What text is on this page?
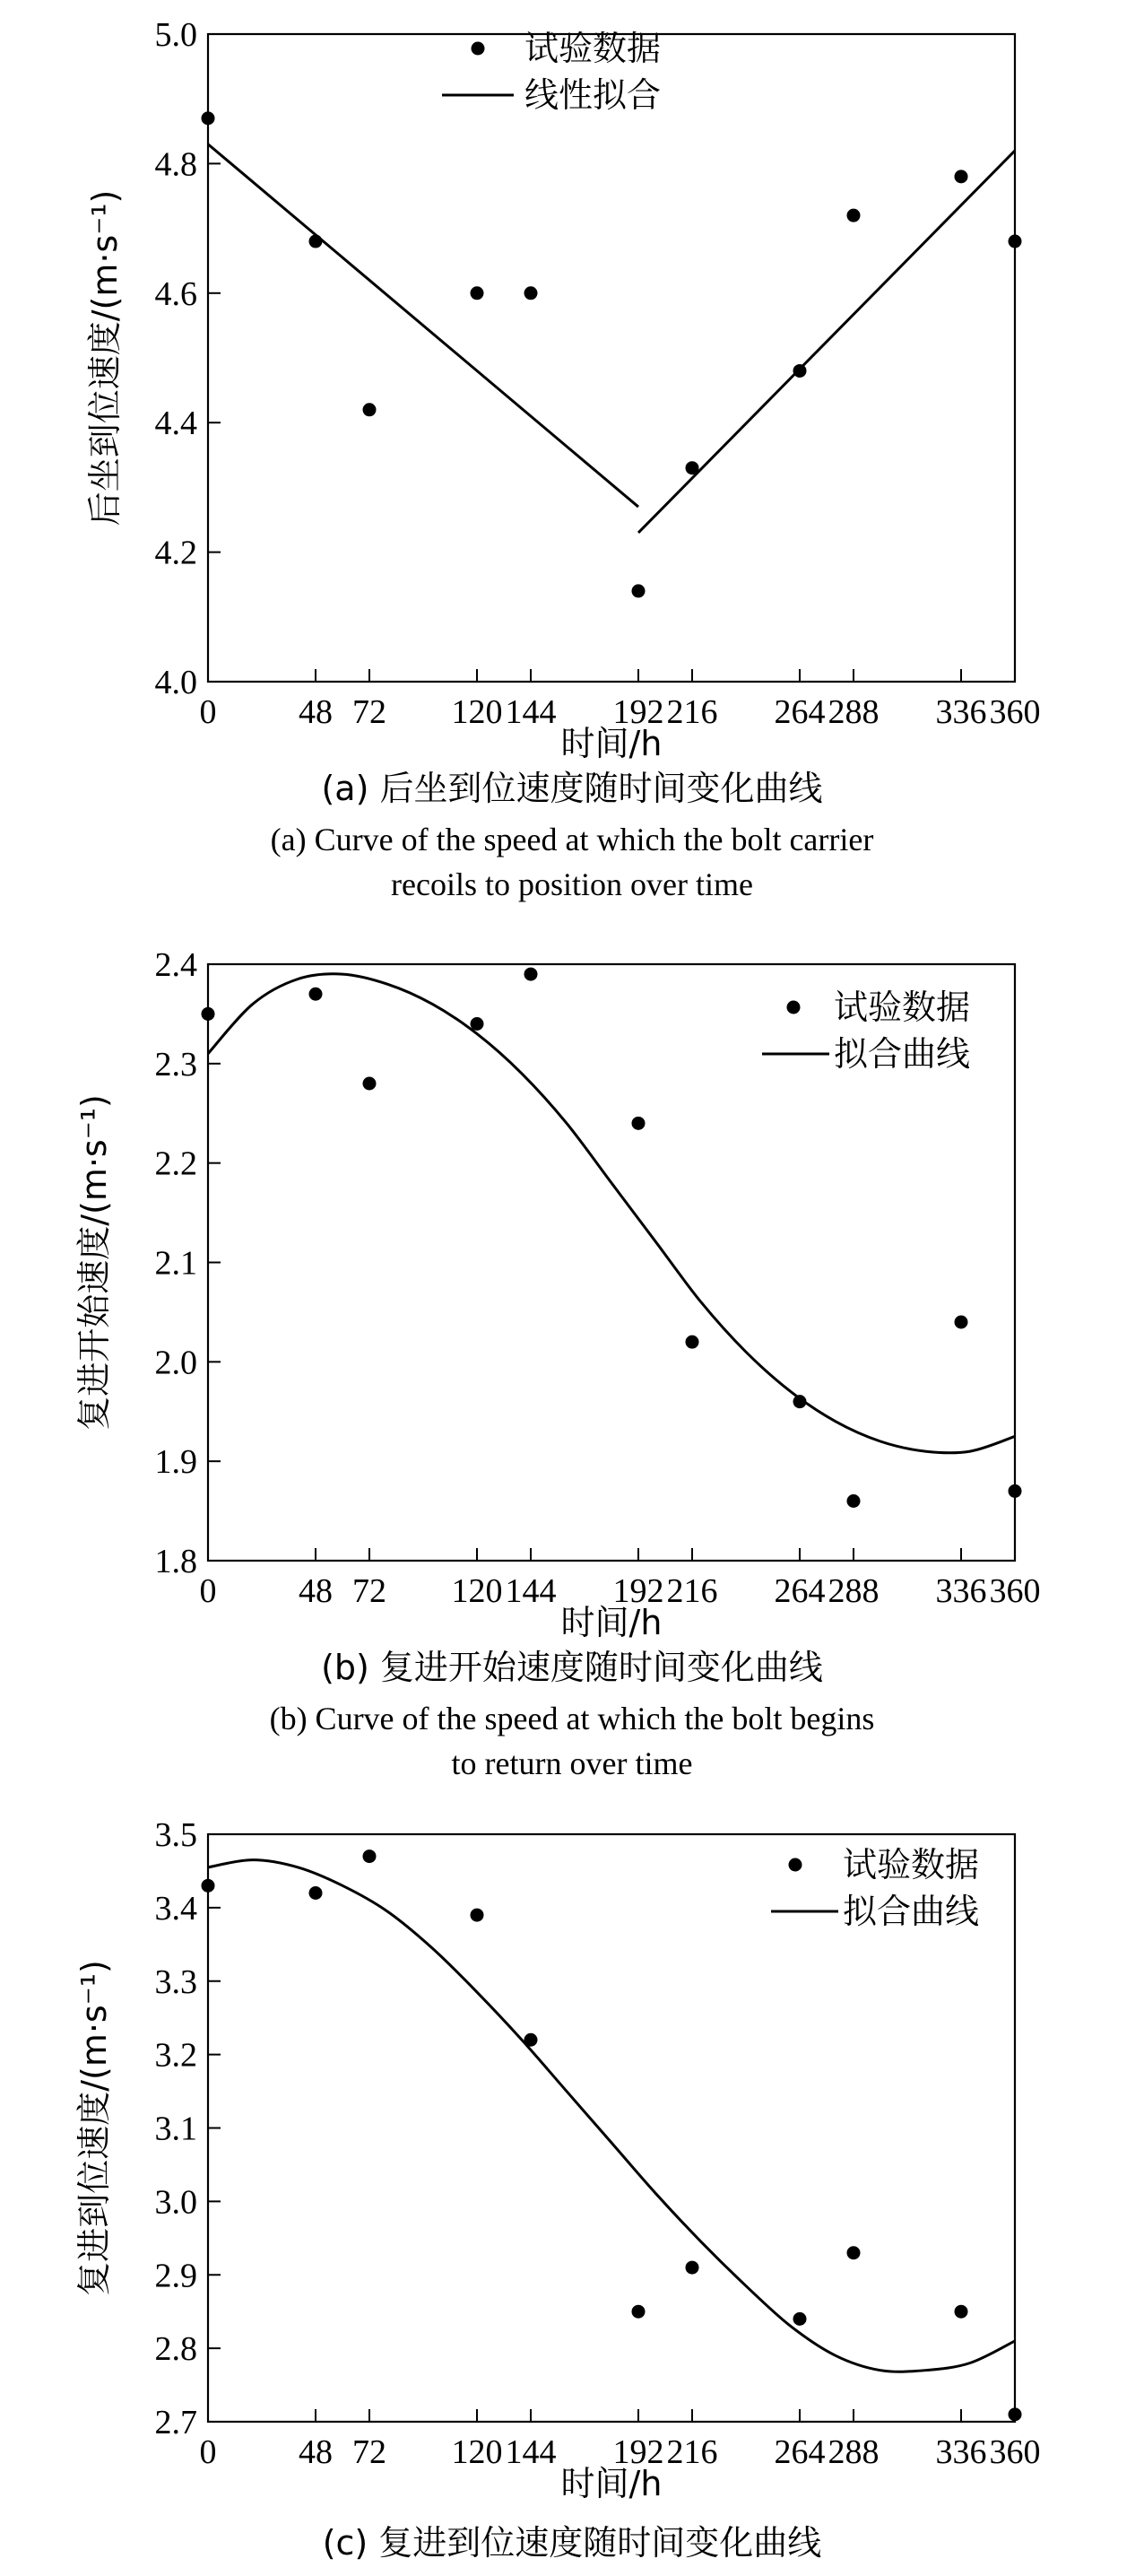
0 48 72 120 144 192 216 264 288 336 360
4.0
4.2
4.4
4.6
4.8
5.0
时间/h
后坐到位速度/(m·s⁻¹)
试验数据
线性拟合
(a) 后坐到位速度随时间变化曲线
(a) Curve of the speed at which the bolt carrier
recoils to position over time
0 48 72 120 144 192 216 264 288 336 360
1.8
1.9
2.0
2.1
2.2
2.3
2.4
时间/h
复进开始速度/(m·s⁻¹)
试验数据
拟合曲线
(b) 复进开始速度随时间变化曲线
(b) Curve of the speed at which the bolt begins
to return over time
0 48 72 120 144 192 216 264 288 336 360
2.7
2.8
2.9
3.0
3.1
3.2
3.3
3.4
3.5
时间/h
复进到位速度/(m·s⁻¹)
试验数据
拟合曲线
(c) 复进到位速度随时间变化曲线
